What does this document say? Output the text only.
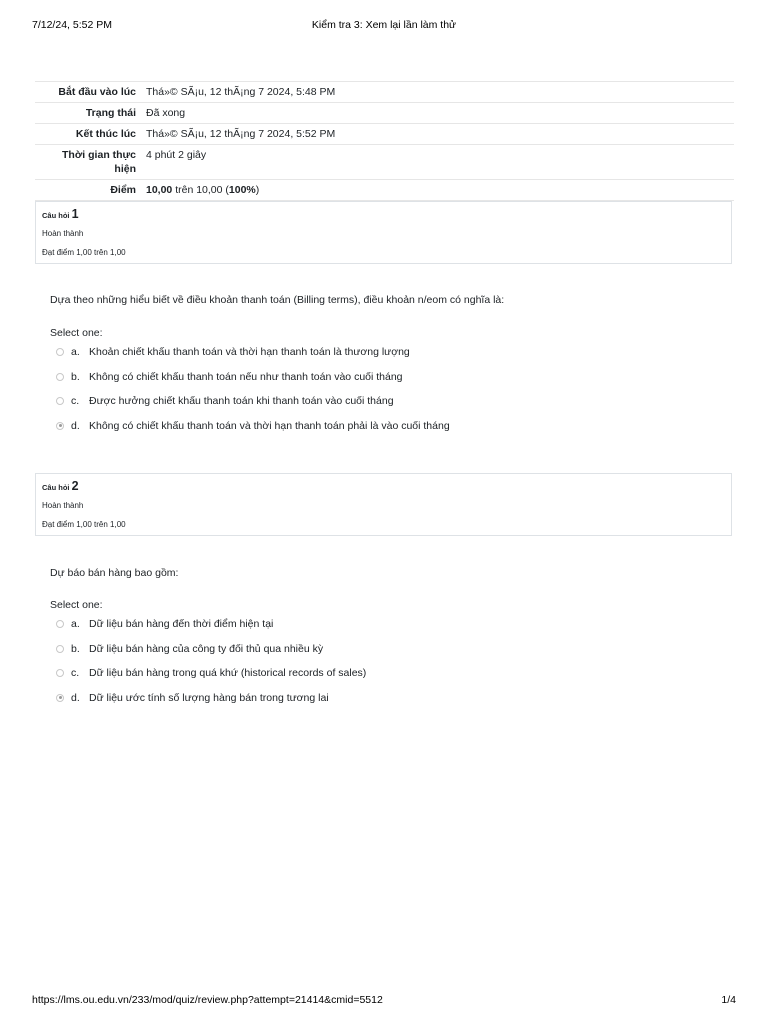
7/12/24, 5:52 PM	Kiểm tra 3: Xem lại lần làm thử
Bắt đầu vào lúc	Thá»© SÃ¡u, 12 thÃ¡ng 7 2024, 5:48 PM
Trạng thái	Đã xong
Kết thúc lúc	Thá»© SÃ¡u, 12 thÃ¡ng 7 2024, 5:52 PM
Thời gian thực hiện	4 phút 2 giây
Điểm	10,00 trên 10,00 (100%)
Câu hỏi 1
Hoàn thành
Đạt điểm 1,00 trên 1,00
Dựa theo những hiểu biết về điều khoản thanh toán (Billing terms), điều khoản n/eom có nghĩa là:
Select one:
a. Khoản chiết khấu thanh toán và thời hạn thanh toán là thương lượng
b. Không có chiết khấu thanh toán nếu như thanh toán vào cuối tháng
c. Được hưởng chiết khấu thanh toán khi thanh toán vào cuối tháng
d. Không có chiết khấu thanh toán và thời hạn thanh toán phải là vào cuối tháng
Câu hỏi 2
Hoàn thành
Đạt điểm 1,00 trên 1,00
Dự báo bán hàng bao gồm:
Select one:
a. Dữ liệu bán hàng đến thời điểm hiện tại
b. Dữ liệu bán hàng của công ty đối thủ qua nhiều kỳ
c. Dữ liệu bán hàng trong quá khứ (historical records of sales)
d. Dữ liệu ước tính số lượng hàng bán trong tương lai
https://lms.ou.edu.vn/233/mod/quiz/review.php?attempt=21414&cmid=5512	1/4
